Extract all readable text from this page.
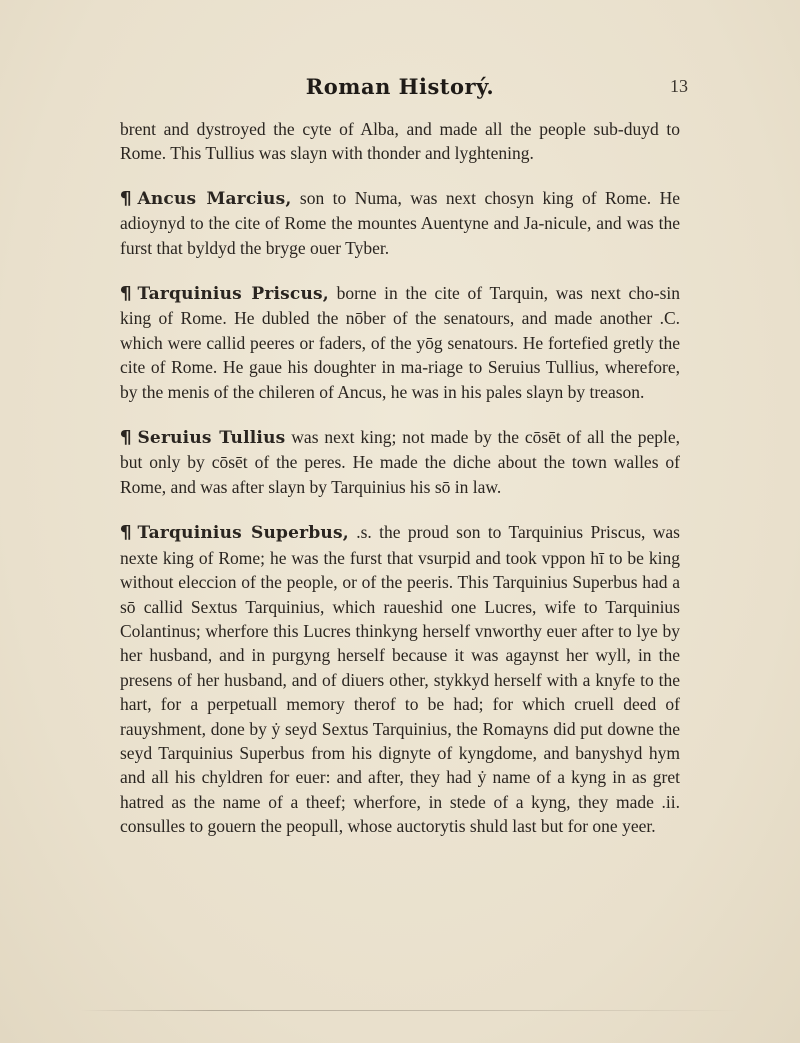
Roman Historý.	13

brent and dystroyed the cyte of Alba, and made all the people sub-duyd to Rome. This Tullius was slayn with thonder and lyghtening.

¶ Ancus Marcius, son to Numa, was next chosyn king of Rome. He adioynyd to the cite of Rome the mountes Auentyne and Ja-nicule, and was the furst that byldyd the bryge ouer Tyber.

¶ Tarquinius Priscus, borne in the cite of Tarquin, was next cho-sin king of Rome. He dubled the nōber of the senatours, and made another .C. which were callid peeres or faders, of the yōg senatours. He fortefied gretly the cite of Rome. He gaue his doughter in ma-riage to Seruius Tullius, wherefore, by the menis of the chileren of Ancus, he was in his pales slayn by treason.

¶ Seruius Tullius was next king; not made by the cōsēt of all the peple, but only by cōsēt of the peres. He made the diche about the town walles of Rome, and was after slayn by Tarquinius his sō in law.

¶ Tarquinius Superbus, .s. the proud son to Tarquinius Priscus, was nexte king of Rome; he was the furst that vsurpid and took vppon hī to be king without eleccion of the people, or of the peeris. This Tarquinius Superbus had a sō callid Sextus Tarquinius, which raueshid one Lucres, wife to Tarquinius Colantinus; wherfore this Lucres thinkyng herself vnworthy euer after to lye by her husband, and in purgyng herself because it was agaynst her wyll, in the presens of her husband, and of diuers other, stykkyd herself with a knyfe to the hart, for a perpetuall memory therof to be had; for which cruell deed of rauyshment, done by ẏ seyd Sextus Tarquinius, the Romayns did put downe the seyd Tarquinius Superbus from his dignyte of kyngdome, and banyshyd hym and all his chyldren for euer: and after, they had ẏ name of a kyng in as gret hatred as the name of a theef; wherfore, in stede of a kyng, they made .ii. consulles to gouern the peopull, whose auctorytis shuld last but for one yeer.
